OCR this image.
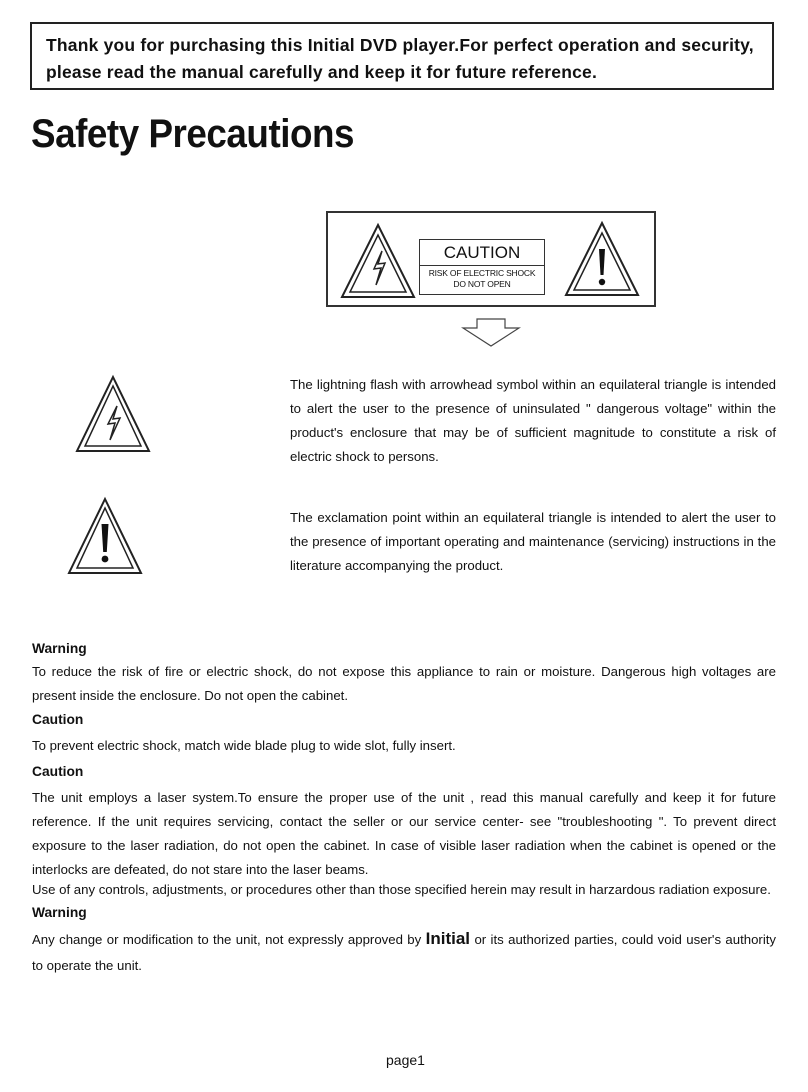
Thank you for purchasing this Initial DVD player.For perfect operation and security, please read the manual carefully and keep it for future reference.
Safety Precautions
CAUTION
RISK OF ELECTRIC SHOCK
DO NOT OPEN

The lightning flash with arrowhead symbol within an equilateral triangle is intended to alert the user to the presence of uninsulated " dangerous voltage" within the product's enclosure that may be of sufficient magnitude to constitute a risk of electric shock to persons.

The exclamation point within an equilateral triangle is intended to alert the user to the presence of important operating and maintenance (servicing) instructions in the literature accompanying the product.

Warning

To reduce the risk of fire or electric shock, do not expose this appliance to rain or moisture. Dangerous high voltages are present inside the enclosure. Do not open the cabinet.

Caution

To prevent electric shock, match wide blade plug to wide slot, fully insert.

Caution

The unit employs a laser system.To ensure the proper use of the unit , read this manual carefully and keep it for future reference. If the unit requires servicing, contact the seller or our service center- see "troubleshooting ". To prevent direct exposure to the laser radiation, do not open the cabinet. In case of visible laser radiation when the cabinet is opened or the interlocks are defeated, do not stare into the laser beams.

Use of any controls, adjustments, or procedures other than those specified herein may result in harzardous radiation exposure.

Warning

Any change or modification to the unit, not expressly approved by Initial or its authorized parties, could void user's authority to operate the unit.

page1
